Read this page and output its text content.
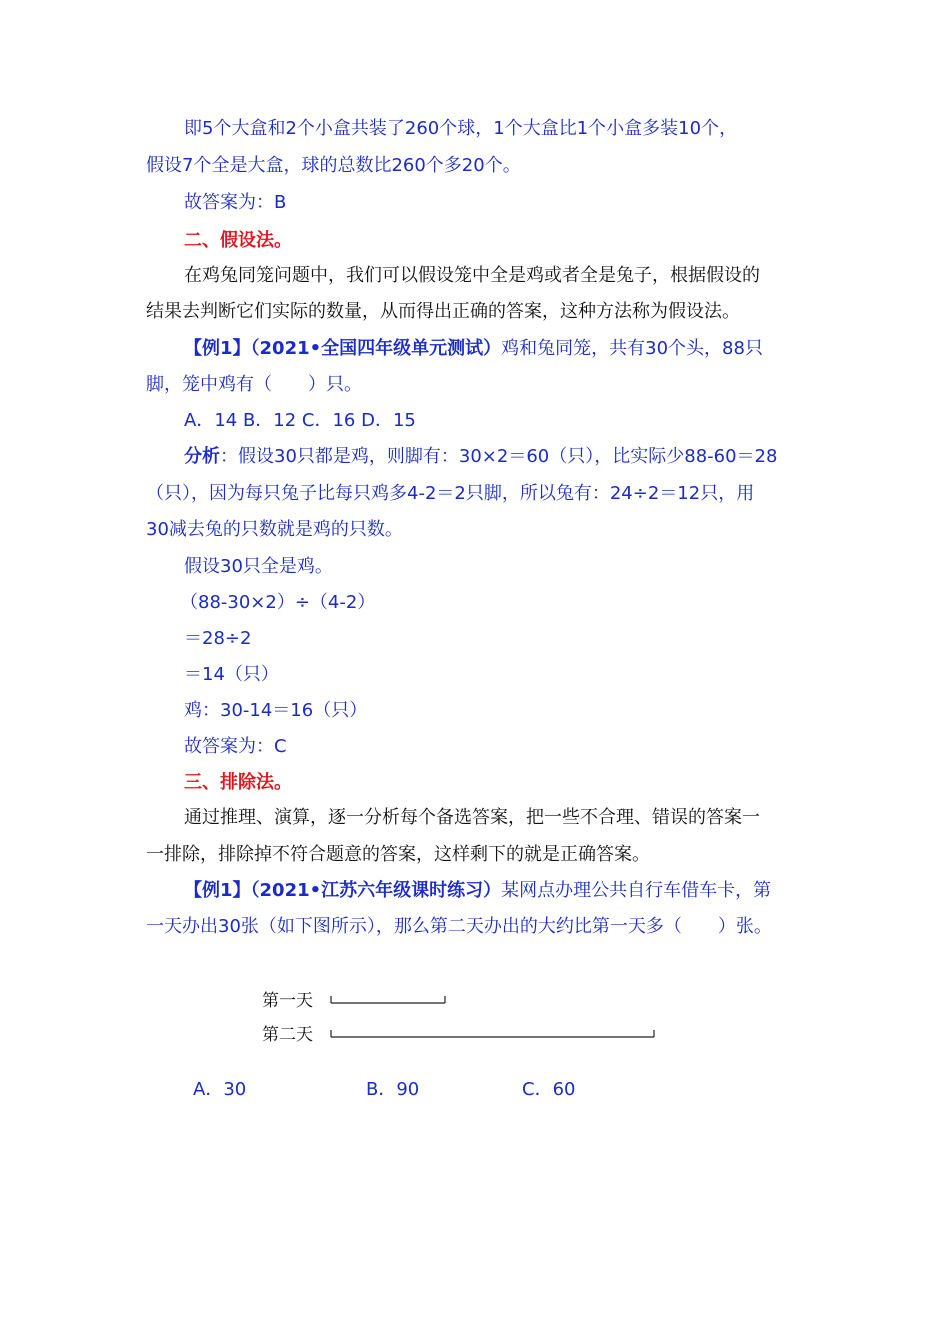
即5个大盒和2个小盒共装了260个球，1个大盒比1个小盒多装10个，
假设7个全是大盒，球的总数比260个多20个。
故答案为：B
二、假设法。
在鸡兔同笼问题中，我们可以假设笼中全是鸡或者全是兔子，根据假设的
结果去判断它们实际的数量，从而得出正确的答案，这种方法称为假设法。
【例1】（2021•全国四年级单元测试）鸡和兔同笼，共有30个头，88只
脚，笼中鸡有（　　）只。
A．14 B．12 C．16 D．15
分析：假设30只都是鸡，则脚有：30×2＝60（只），比实际少88-60＝28
（只），因为每只兔子比每只鸡多4-2＝2只脚，所以兔有：24÷2＝12只，用
30减去兔的只数就是鸡的只数。
假设30只全是鸡。
（88-30×2）÷（4-2）
＝28÷2
＝14（只）
鸡：30-14＝16（只）
故答案为：C
三、排除法。
通过推理、演算，逐一分析每个备选答案，把一些不合理、错误的答案一
一排除，排除掉不符合题意的答案，这样剩下的就是正确答案。
【例1】（2021•江苏六年级课时练习）某网点办理公共自行车借车卡，第
一天办出30张（如下图所示），那么第二天办出的大约比第一天多（　　）张。
第一天
第二天
A．30	B．90	C．60
